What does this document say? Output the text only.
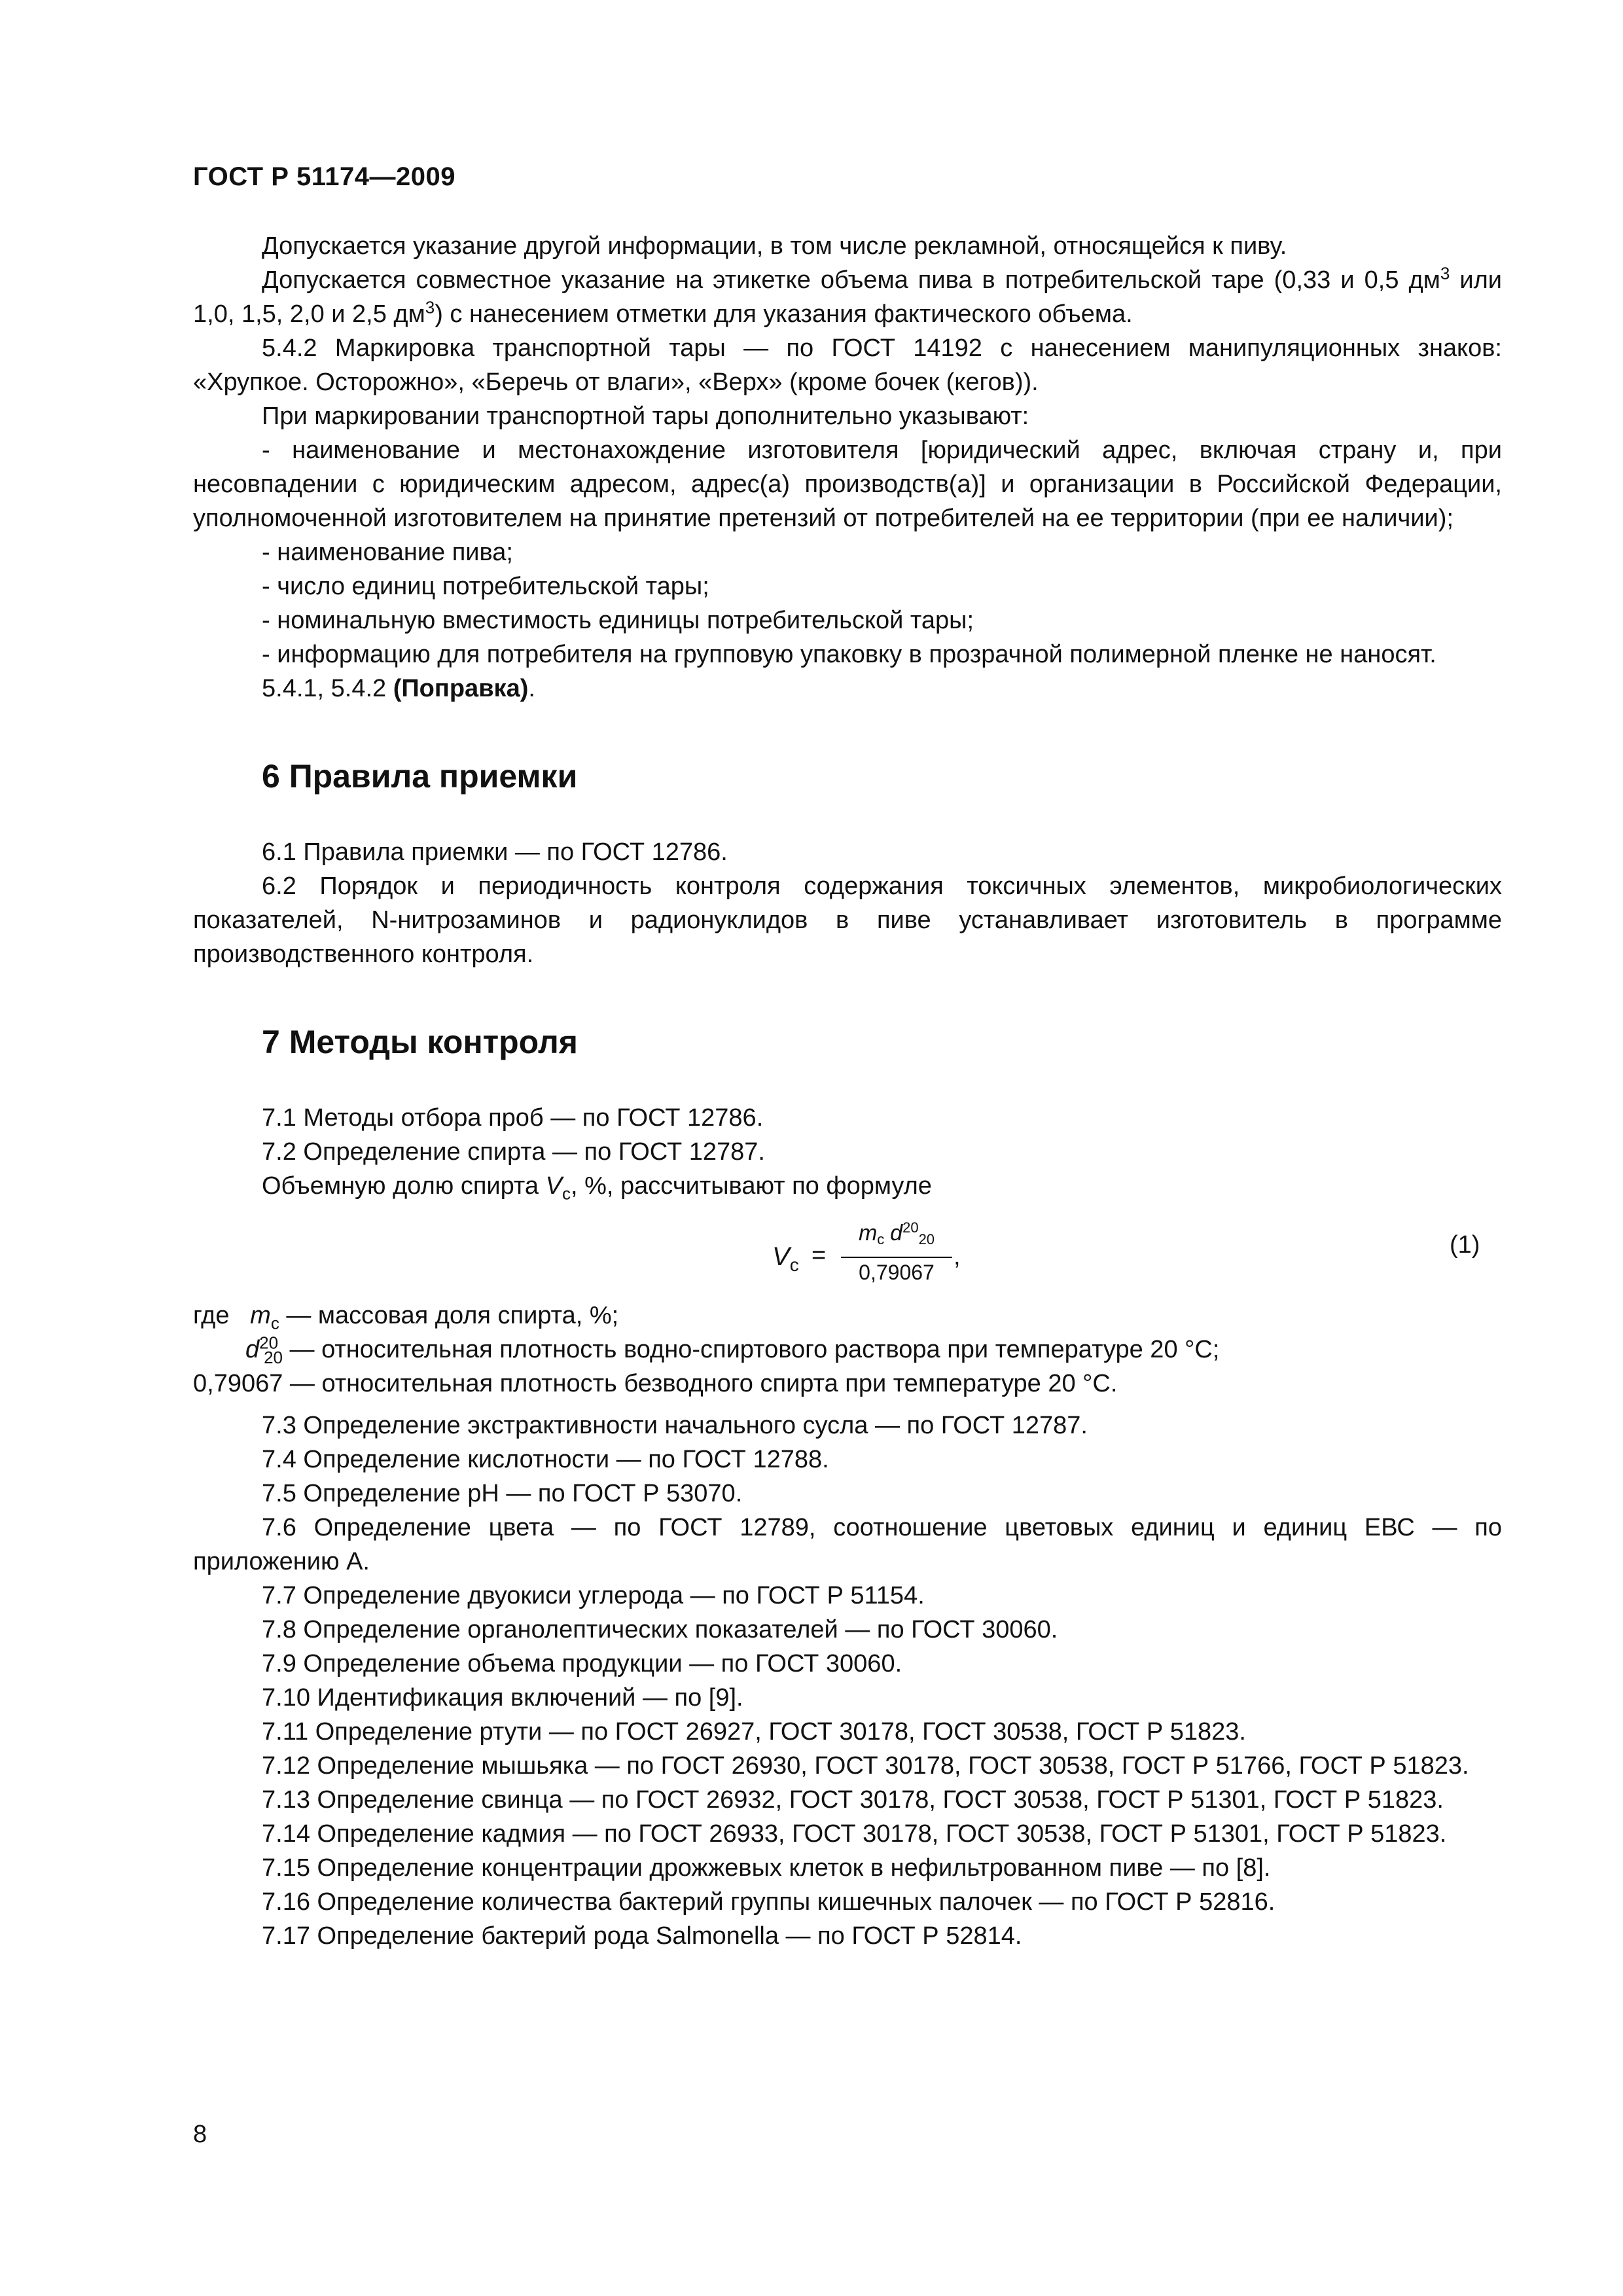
ГОСТ Р 51174—2009

Допускается указание другой информации, в том числе рекламной, относящейся к пиву.

Допускается совместное указание на этикетке объема пива в потребительской таре (0,33 и 0,5 $дм^3$ или 1,0, 1,5, 2,0 и 2,5 $дм^3$) с нанесением отметки для указания фактического объема.

5.4.2 Маркировка транспортной тары — по ГОСТ 14192 с нанесением манипуляционных знаков: «Хрупкое. Осторожно», «Беречь от влаги», «Верх» (кроме бочек (кегов)).

При маркировании транспортной тары дополнительно указывают:

- наименование и местонахождение изготовителя [юридический адрес, включая страну и, при несовпадении с юридическим адресом, адрес(а) производств(а)] и организации в Российской Федерации, уполномоченной изготовителем на принятие претензий от потребителей на ее территории (при ее наличии);

- наименование пива;

- число единиц потребительской тары;

- номинальную вместимость единицы потребительской тары;

- информацию для потребителя на групповую упаковку в прозрачной полимерной пленке не наносят.

5.4.1, 5.4.2 (Поправка).

6 Правила приемки

6.1 Правила приемки — по ГОСТ 12786.

6.2 Порядок и периодичность контроля содержания токсичных элементов, микробиологических показателей, N-нитрозаминов и радионуклидов в пиве устанавливает изготовитель в программе производственного контроля.

7 Методы контроля

7.1 Методы отбора проб — по ГОСТ 12786.

7.2 Определение спирта — по ГОСТ 12787.

Объемную долю спирта $V_с$, %, рассчитывают по формуле

$V_с$ =
mс $d^{20}20$
0,79067
,	(1)

где $m_с$ — массовая доля спирта, %;

$d^{20}_{20}$ — относительная плотность водно-спиртового раствора при температуре 20 °С;

0,79067 — относительная плотность безводного спирта при температуре 20 °С.

7.3 Определение экстрактивности начального сусла — по ГОСТ 12787.

7.4 Определение кислотности — по ГОСТ 12788.

7.5 Определение рН — по ГОСТ Р 53070.

7.6 Определение цвета — по ГОСТ 12789, соотношение цветовых единиц и единиц ЕВС — по приложению А.

7.7 Определение двуокиси углерода — по ГОСТ Р 51154.

7.8 Определение органолептических показателей — по ГОСТ 30060.

7.9 Определение объема продукции — по ГОСТ 30060.

7.10 Идентификация включений — по [9].

7.11 Определение ртути — по ГОСТ 26927, ГОСТ 30178, ГОСТ 30538, ГОСТ Р 51823.

7.12 Определение мышьяка — по ГОСТ 26930, ГОСТ 30178, ГОСТ 30538, ГОСТ Р 51766, ГОСТ Р 51823.

7.13 Определение свинца — по ГОСТ 26932, ГОСТ 30178, ГОСТ 30538, ГОСТ Р 51301, ГОСТ Р 51823.

7.14 Определение кадмия — по ГОСТ 26933, ГОСТ 30178, ГОСТ 30538, ГОСТ Р 51301, ГОСТ Р 51823.

7.15 Определение концентрации дрожжевых клеток в нефильтрованном пиве — по [8].

7.16 Определение количества бактерий группы кишечных палочек — по ГОСТ Р 52816.

7.17 Определение бактерий рода Salmonella — по ГОСТ Р 52814.

8
